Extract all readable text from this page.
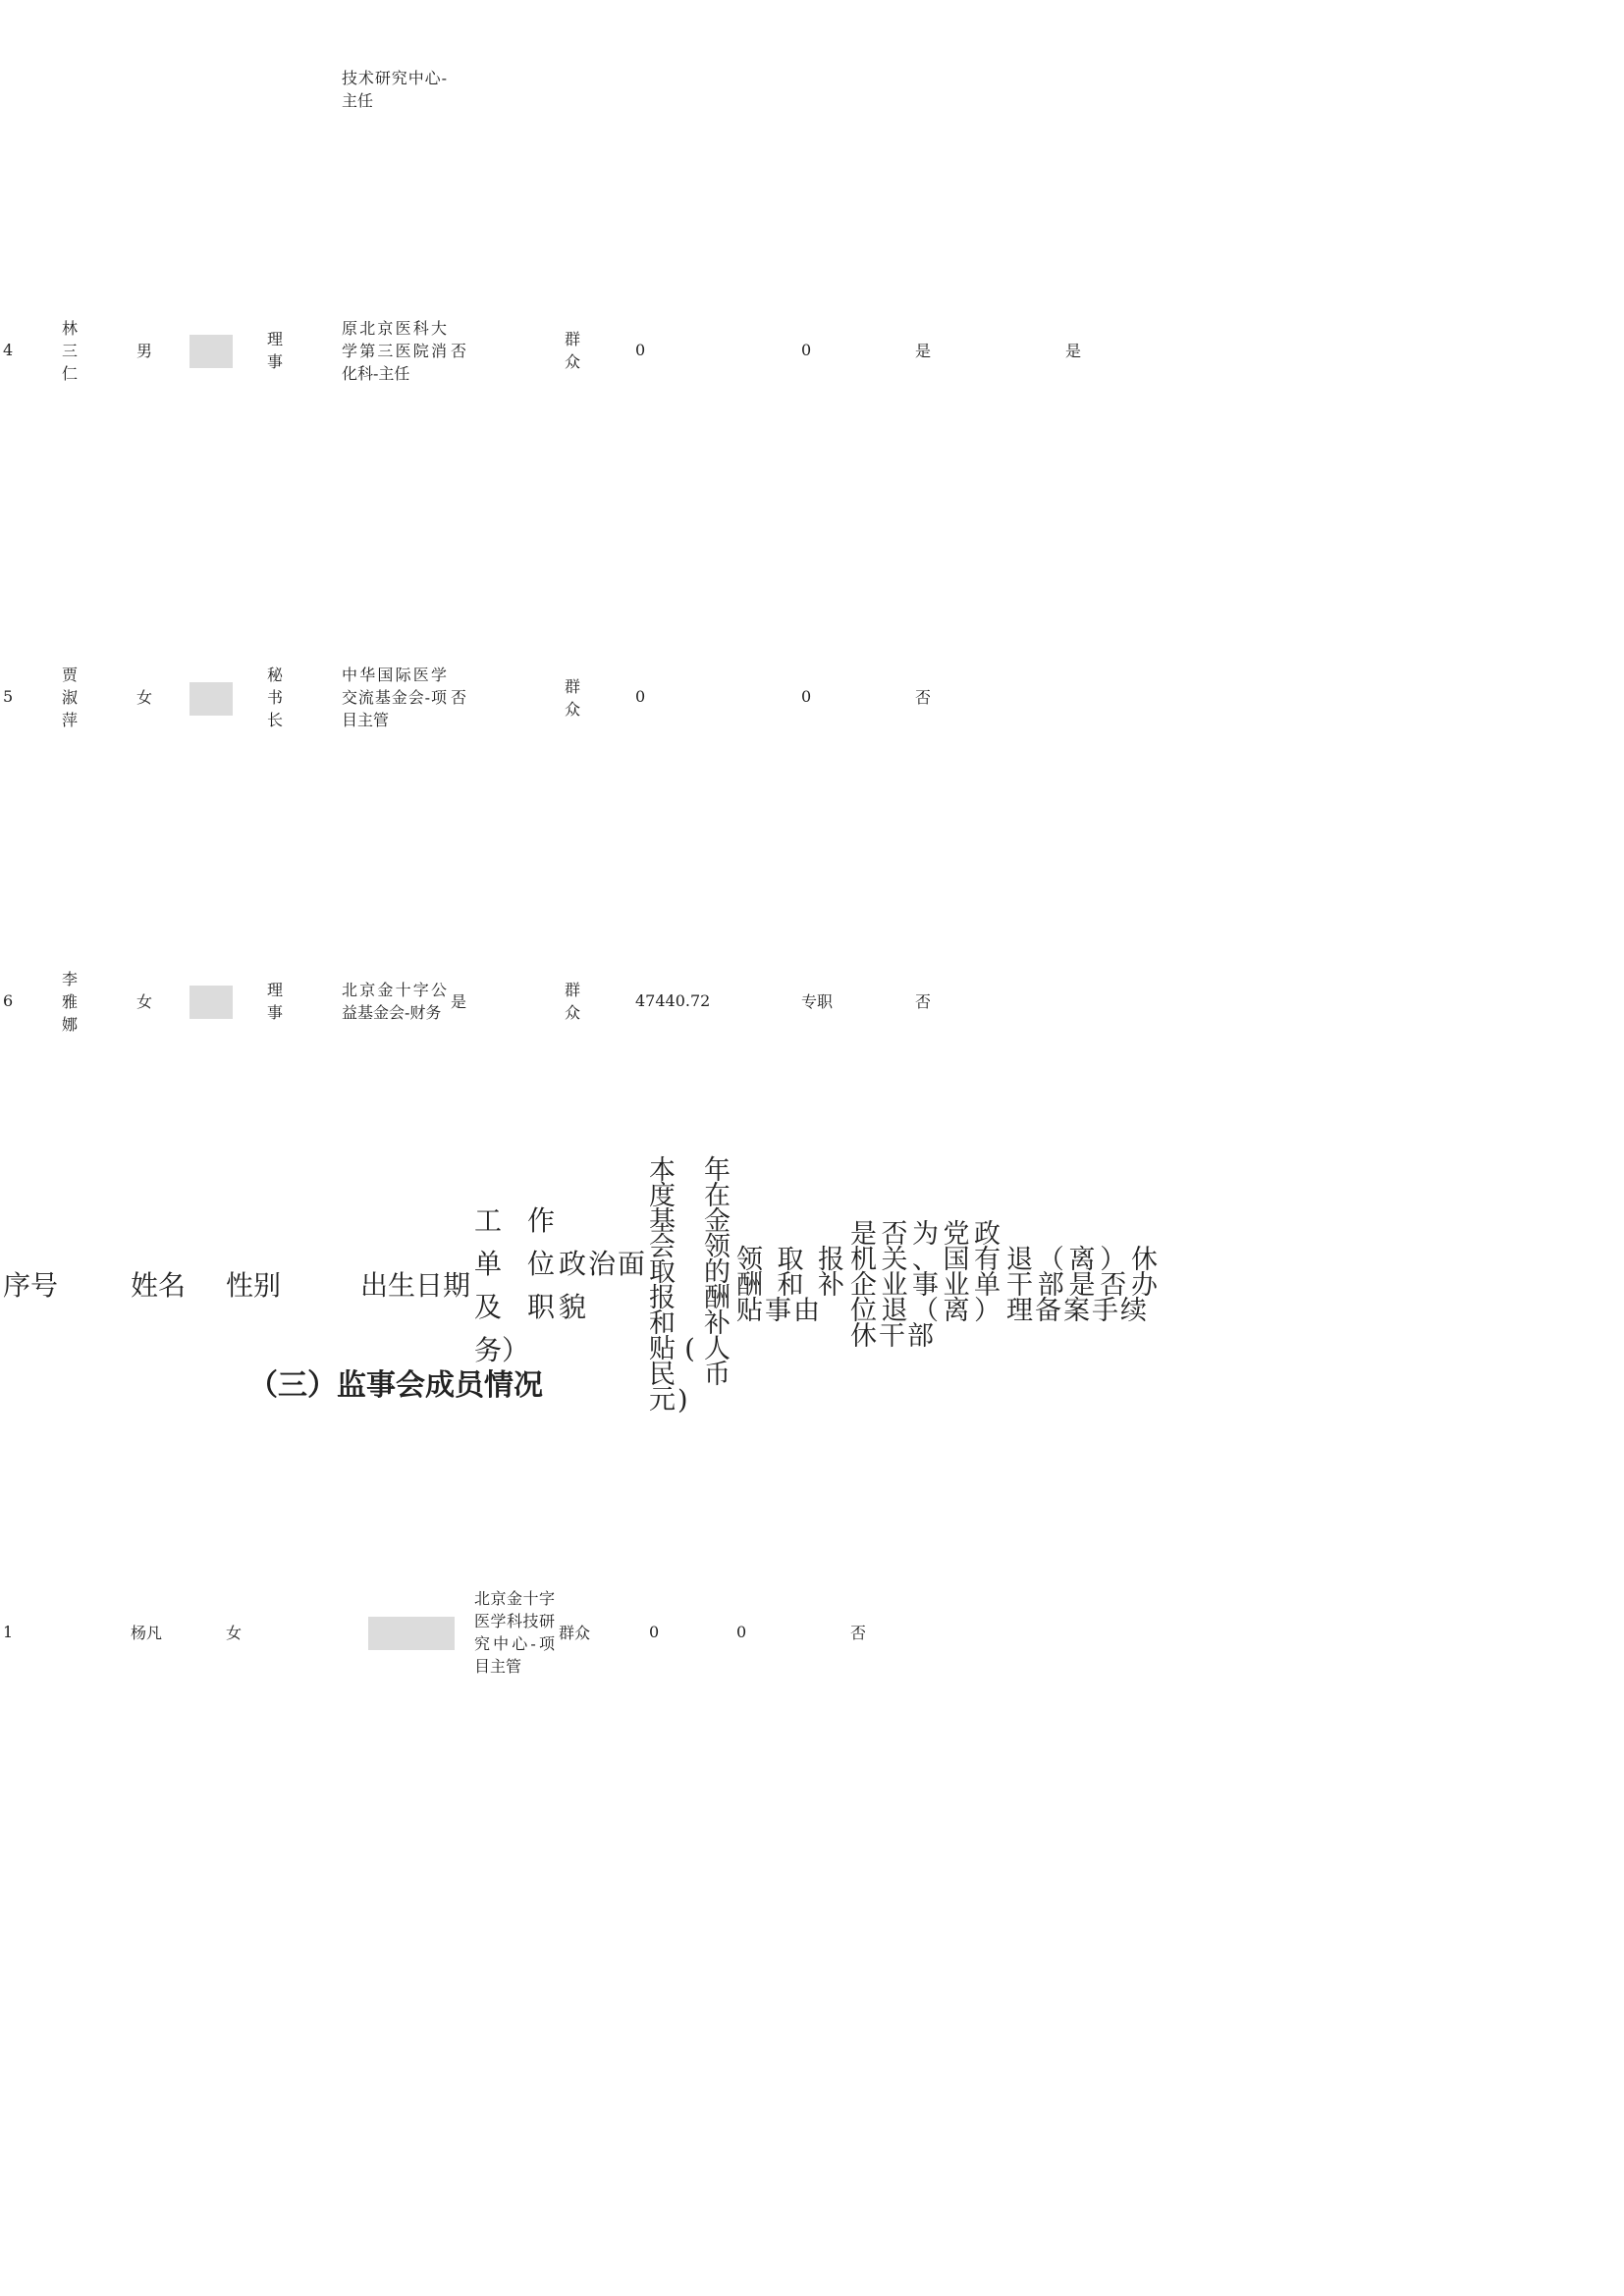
					技术研究中心-主任						

4	林三仁	男		理事	原北京医科大学第三医院消化科-主任	否	群众	0	0	是	是
5	贾淑萍	女		秘书长	中华国际医学交流基金会-项目主管	否	群众	0	0	否	
6	李雅娜	女		理事	北京金十字公益基金会-财务	是	群众	47440.72	专职	否	
（三）监事会成员情况
序号	姓名	性别	出生日期	工作单位及职务）	政治面貌	本年度在基金会领取的报酬和补贴(人民币元)	领取报酬和补贴事由	是否为党政机关、国有企业事业单位退（离）休干部	退（离）休干部是否办理备案手续

1	杨凡	女		北京金十字医学科技研究中心-项目主管	群众	0	0	否	
